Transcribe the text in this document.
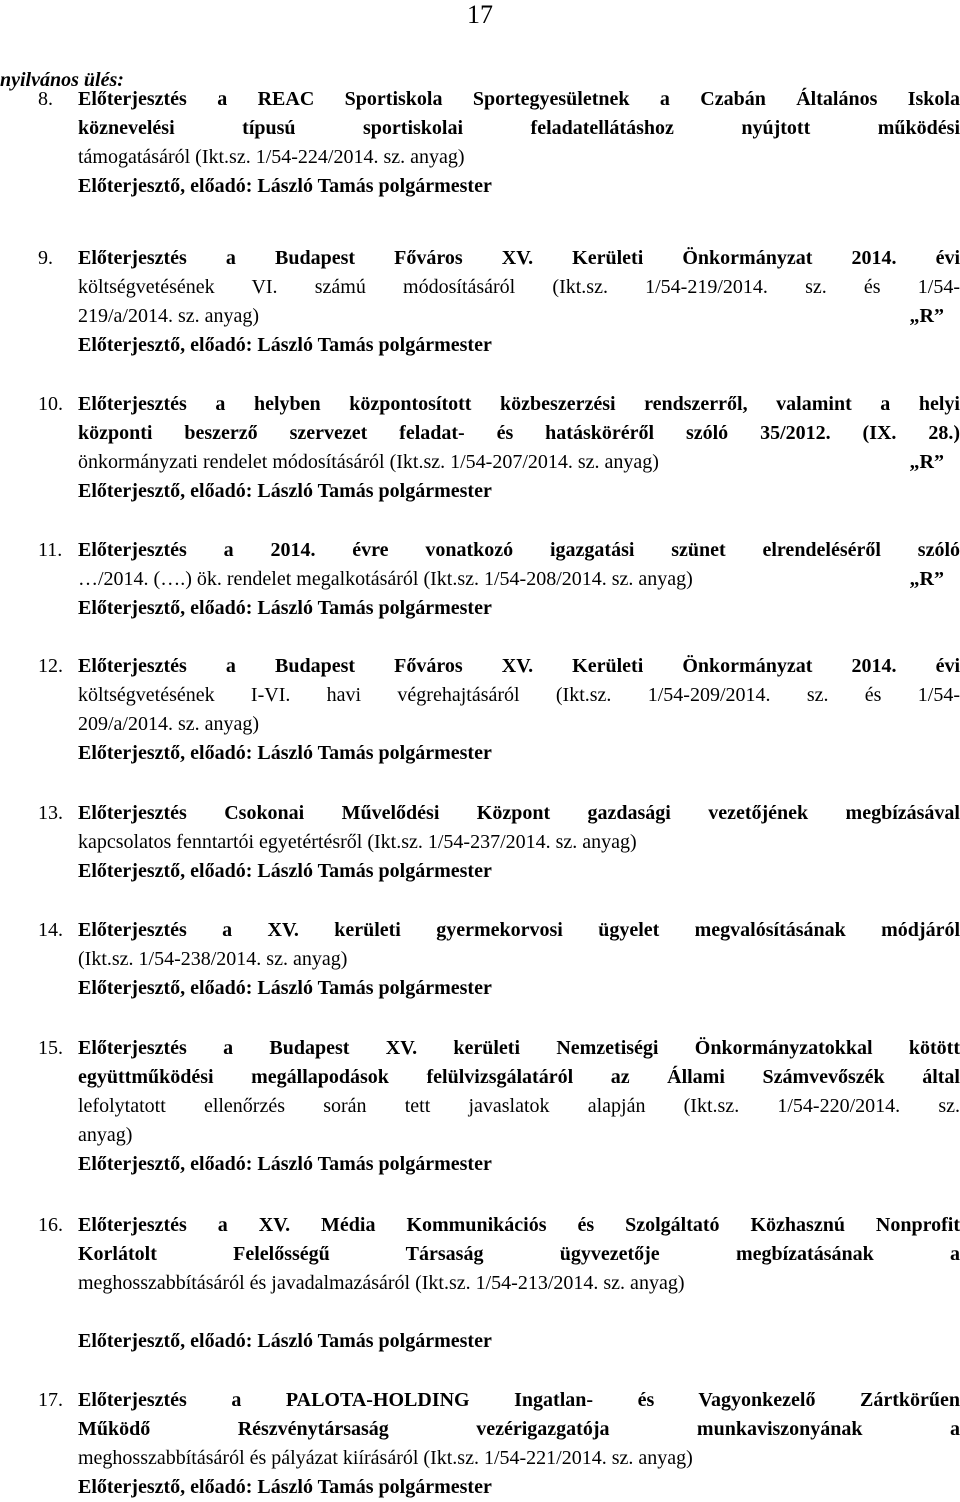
17
nyilvános ülés:
8. Előterjesztés a REAC Sportiskola Sportegyesületnek a Czabán Általános Iskola
köznevelési típusú sportiskolai feladatellátáshoz nyújtott működési
támogatásáról (Ikt.sz. 1/54-224/2014. sz. anyag)
Előterjesztő, előadó: László Tamás polgármester
9. Előterjesztés a Budapest Főváros XV. Kerületi Önkormányzat 2014. évi
költségvetésének VI. számú módosításáról (Ikt.sz. 1/54-219/2014. sz. és 1/54-
219/a/2014. sz. anyag)	„R”
Előterjesztő, előadó: László Tamás polgármester
10. Előterjesztés a helyben központosított közbeszerzési rendszerről, valamint a helyi
központi beszerző szervezet feladat- és hatásköréről szóló 35/2012. (IX. 28.)
önkormányzati rendelet módosításáról (Ikt.sz. 1/54-207/2014. sz. anyag)	„R”
Előterjesztő, előadó: László Tamás polgármester
11. Előterjesztés a 2014. évre vonatkozó igazgatási szünet elrendeléséről szóló
…/2014. (….) ök. rendelet megalkotásáról (Ikt.sz. 1/54-208/2014. sz. anyag)	„R”
Előterjesztő, előadó: László Tamás polgármester
12. Előterjesztés a Budapest Főváros XV. Kerületi Önkormányzat 2014. évi
költségvetésének I-VI. havi végrehajtásáról (Ikt.sz. 1/54-209/2014. sz. és 1/54-
209/a/2014. sz. anyag)
Előterjesztő, előadó: László Tamás polgármester
13. Előterjesztés Csokonai Művelődési Központ gazdasági vezetőjének megbízásával
kapcsolatos fenntartói egyetértésről (Ikt.sz. 1/54-237/2014. sz. anyag)
Előterjesztő, előadó: László Tamás polgármester
14. Előterjesztés a XV. kerületi gyermekorvosi ügyelet megvalósításának módjáról
(Ikt.sz. 1/54-238/2014. sz. anyag)
Előterjesztő, előadó: László Tamás polgármester
15. Előterjesztés a Budapest XV. kerületi Nemzetiségi Önkormányzatokkal kötött
együttműködési megállapodások felülvizsgálatáról az Állami Számvevőszék által
lefolytatott ellenőrzés során tett javaslatok alapján (Ikt.sz. 1/54-220/2014. sz.
anyag)
Előterjesztő, előadó: László Tamás polgármester
16. Előterjesztés a XV. Média Kommunikációs és Szolgáltató Közhasznú Nonprofit
Korlátolt Felelősségű Társaság ügyvezetője megbízatásának a
meghosszabbításáról és javadalmazásáról (Ikt.sz. 1/54-213/2014. sz. anyag)
Előterjesztő, előadó: László Tamás polgármester
17. Előterjesztés a PALOTA-HOLDING Ingatlan- és Vagyonkezelő Zártkörűen
Működő Részvénytársaság vezérigazgatója munkaviszonyának a
meghosszabbításáról és pályázat kiírásáról (Ikt.sz. 1/54-221/2014. sz. anyag)
Előterjesztő, előadó: László Tamás polgármester
